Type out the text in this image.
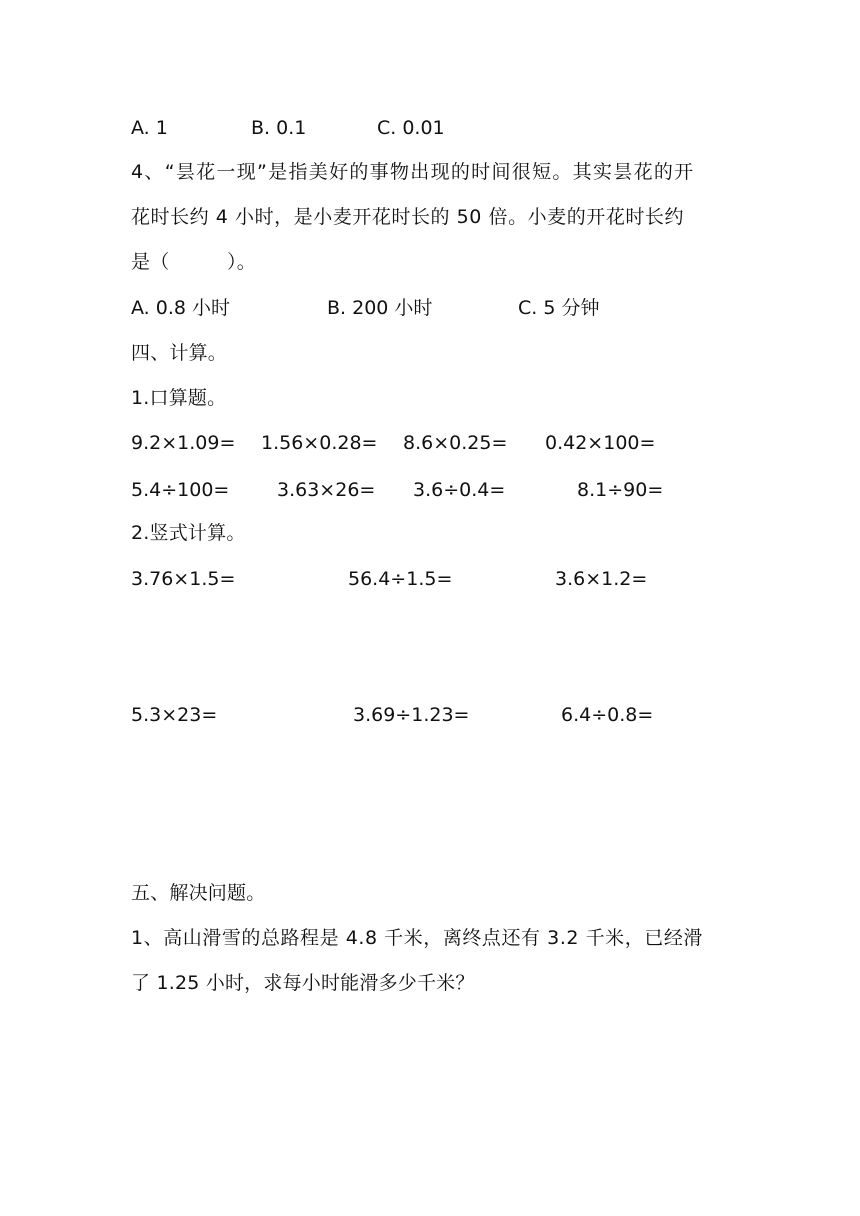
A. 1	B. 0.1	C. 0.01
4、“昙花一现”是指美好的事物出现的时间很短。其实昙花的开
花时长约 4 小时，是小麦开花时长的 50 倍。小麦的开花时长约
是（　　　）。
A. 0.8 小时	B. 200 小时	C. 5 分钟
四、计算。
1.口算题。
9.2×1.09= 1.56×0.28= 8.6×0.25= 0.42×100=
5.4÷100=	3.63×26= 3.6÷0.4=	8.1÷90=
2.竖式计算。
3.76×1.5=	56.4÷1.5=	3.6×1.2=
5.3×23=	3.69÷1.23=	6.4÷0.8=
五、解决问题。
1、高山滑雪的总路程是 4.8 千米，离终点还有 3.2 千米，已经滑
了 1.25 小时，求每小时能滑多少千米？
